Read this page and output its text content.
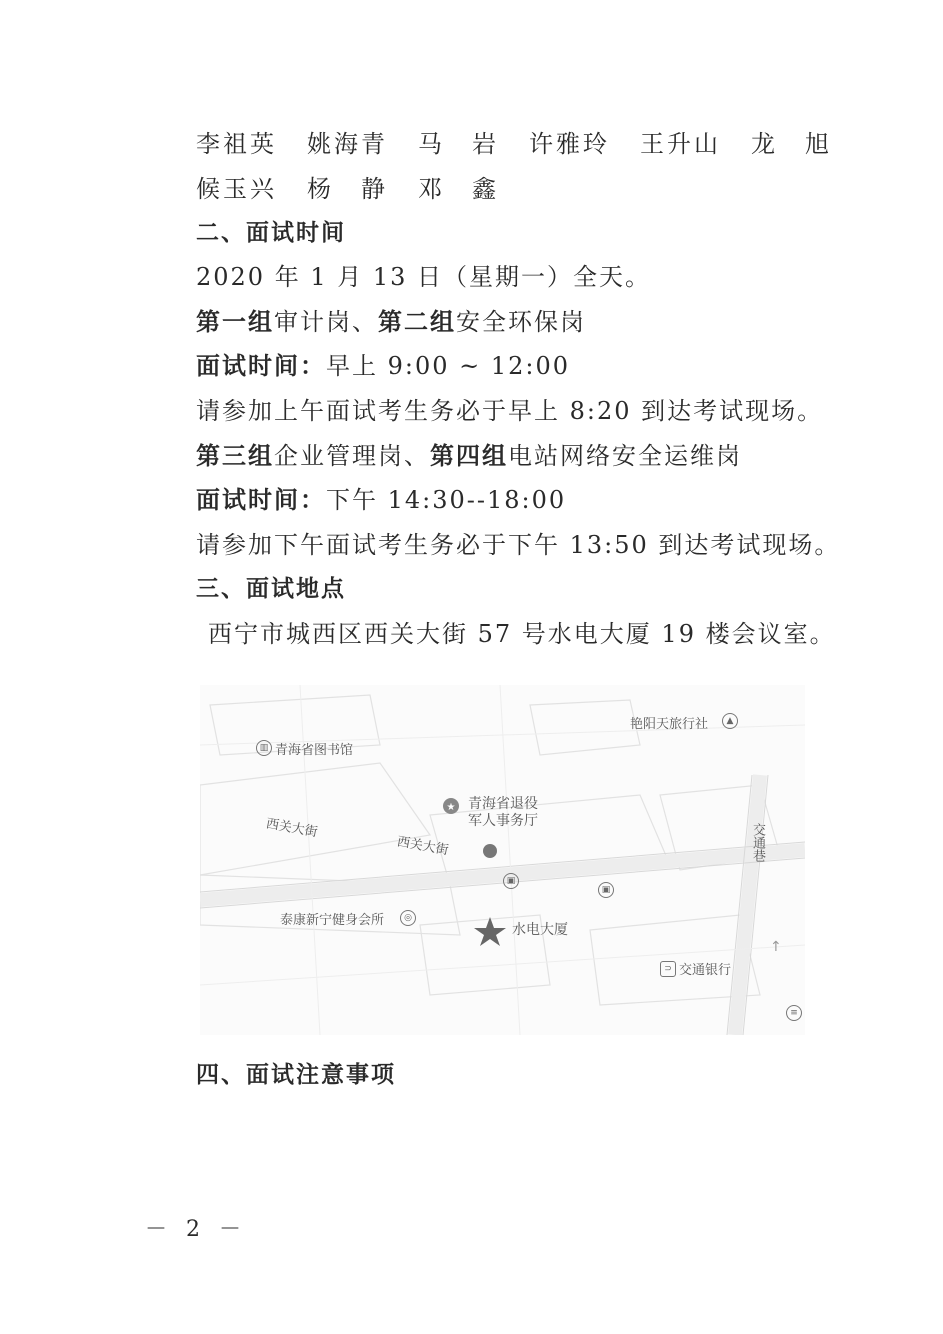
李祖英 姚海青 马　岩 许雅玲 王升山 龙　旭
候玉兴 杨　静 邓　鑫
二、面试时间
2020 年 1 月 13 日（星期一）全天。
第一组审计岗、第二组安全环保岗
面试时间：早上 9:00 ~ 12:00
请参加上午面试考生务必于早上 8:20 到达考试现场。
第三组企业管理岗、第四组电站网络安全运维岗
面试时间：下午 14:30--18:00
请参加下午面试考生务必于下午 13:50 到达考试现场。
三、面试地点
西宁市城西区西关大街 57 号水电大厦 19 楼会议室。
★
↑
▥ 青海省图书馆
艳阳天旅行社	▲
青海省退役
军人事务厅
西关大街
西关大街	交通巷
▣
▣
泰康新宁健身会所	◎
水电大厦
⊃ 交通银行
≡
四、面试注意事项
－ 2 －
